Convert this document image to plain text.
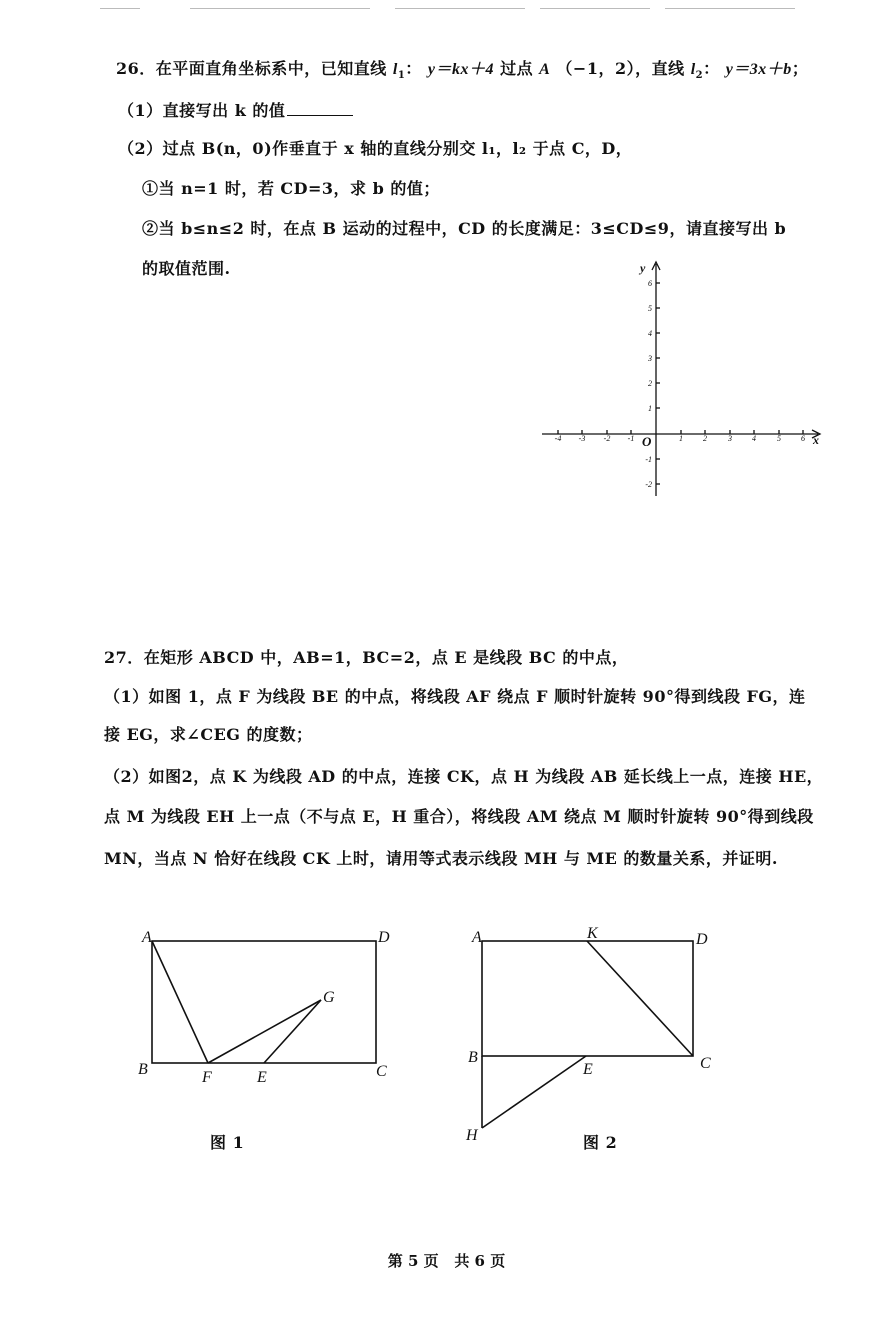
26．在平面直角坐标系中，已知直线 $l_1$： y＝kx＋4 过点 A （−1，2），直线 $l_2$： y＝3x＋b；
（1）直接写出 k 的值
（2）过点 B(n，0)作垂直于 x 轴的直线分别交 l₁，l₂ 于点 C，D，
①当 n=1 时，若 CD=3，求 b 的值；
②当 b≤n≤2 时，在点 B 运动的过程中，CD 的长度满足：3≤CD≤9，请直接写出 b
的取值范围.
-4 -3 -2 -1	1	2	3	4	5	6
6
5
4
3
2
1
-1
-2
y
x
O
27．在矩形 ABCD 中，AB=1，BC=2，点 E 是线段 BC 的中点，
（1）如图 1，点 F 为线段 BE 的中点，将线段 AF 绕点 F 顺时针旋转 90°得到线段 FG，连
接 EG，求∠CEG 的度数；
（2）如图2，点 K 为线段 AD 的中点，连接 CK，点 H 为线段 AB 延长线上一点，连接 HE，
点 M 为线段 EH 上一点（不与点 E，H 重合），将线段 AM 绕点 M 顺时针旋转 90°得到线段
MN，当点 N 恰好在线段 CK 上时，请用等式表示线段 MH 与 ME 的数量关系，并证明.
A	D
B	F	E	C
G
图 1
A	K	D
B
E	C
H	图 2
第 5 页   共 6 页
